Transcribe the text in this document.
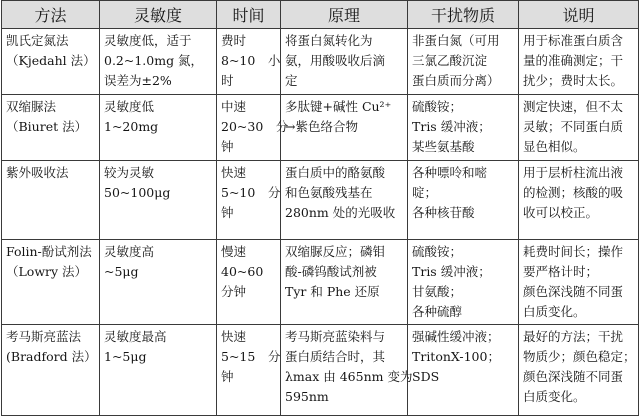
方法	灵敏度	时间	原理	干扰物质	说明

凯氏定氮法
（Kjedahl 法）	灵敏度低，适于
0.2~1.0mg 氮，
误差为±2%	费时
8~10　小
时	将蛋白氮转化为
氨，用酸吸收后滴
定	非蛋白氮（可用
三氯乙酸沉淀
蛋白质而分离）	用于标准蛋白质含
量的准确测定；干
扰少；费时太长。

双缩脲法
（Biuret 法）	灵敏度低
1~20mg	中速
20~30　分
钟	多肽键+碱性 Cu²⁺
→紫色络合物	硫酸铵；
Tris 缓冲液；
某些氨基酸	测定快速，但不太
灵敏；不同蛋白质
显色相似。

紫外吸收法	较为灵敏
50~100μg	快速
5~10　分
钟	蛋白质中的酪氨酸
和色氨酸残基在
280nm 处的光吸收	各种嘌呤和嘧
啶；
各种核苷酸	用于层析柱流出液
的检测；核酸的吸
收可以校正。

Folin-酚试剂法
（Lowry 法）	灵敏度高
~5μg	慢速
40~60
分钟	双缩脲反应；磷钼
酸-磷钨酸试剂被
Tyr 和 Phe 还原	硫酸铵；
Tris 缓冲液；
甘氨酸；
各种硫醇	耗费时间长；操作
要严格计时；
颜色深浅随不同蛋
白质变化。

考马斯亮蓝法
(Bradford 法）	灵敏度最高
1~5μg	快速
5~15　分
钟	考马斯亮蓝染料与
蛋白质结合时，其
λmax 由 465nm 变为
595nm	强碱性缓冲液；
TritonX-100；
SDS	最好的方法；干扰
物质少；颜色稳定；
颜色深浅随不同蛋
白质变化。
